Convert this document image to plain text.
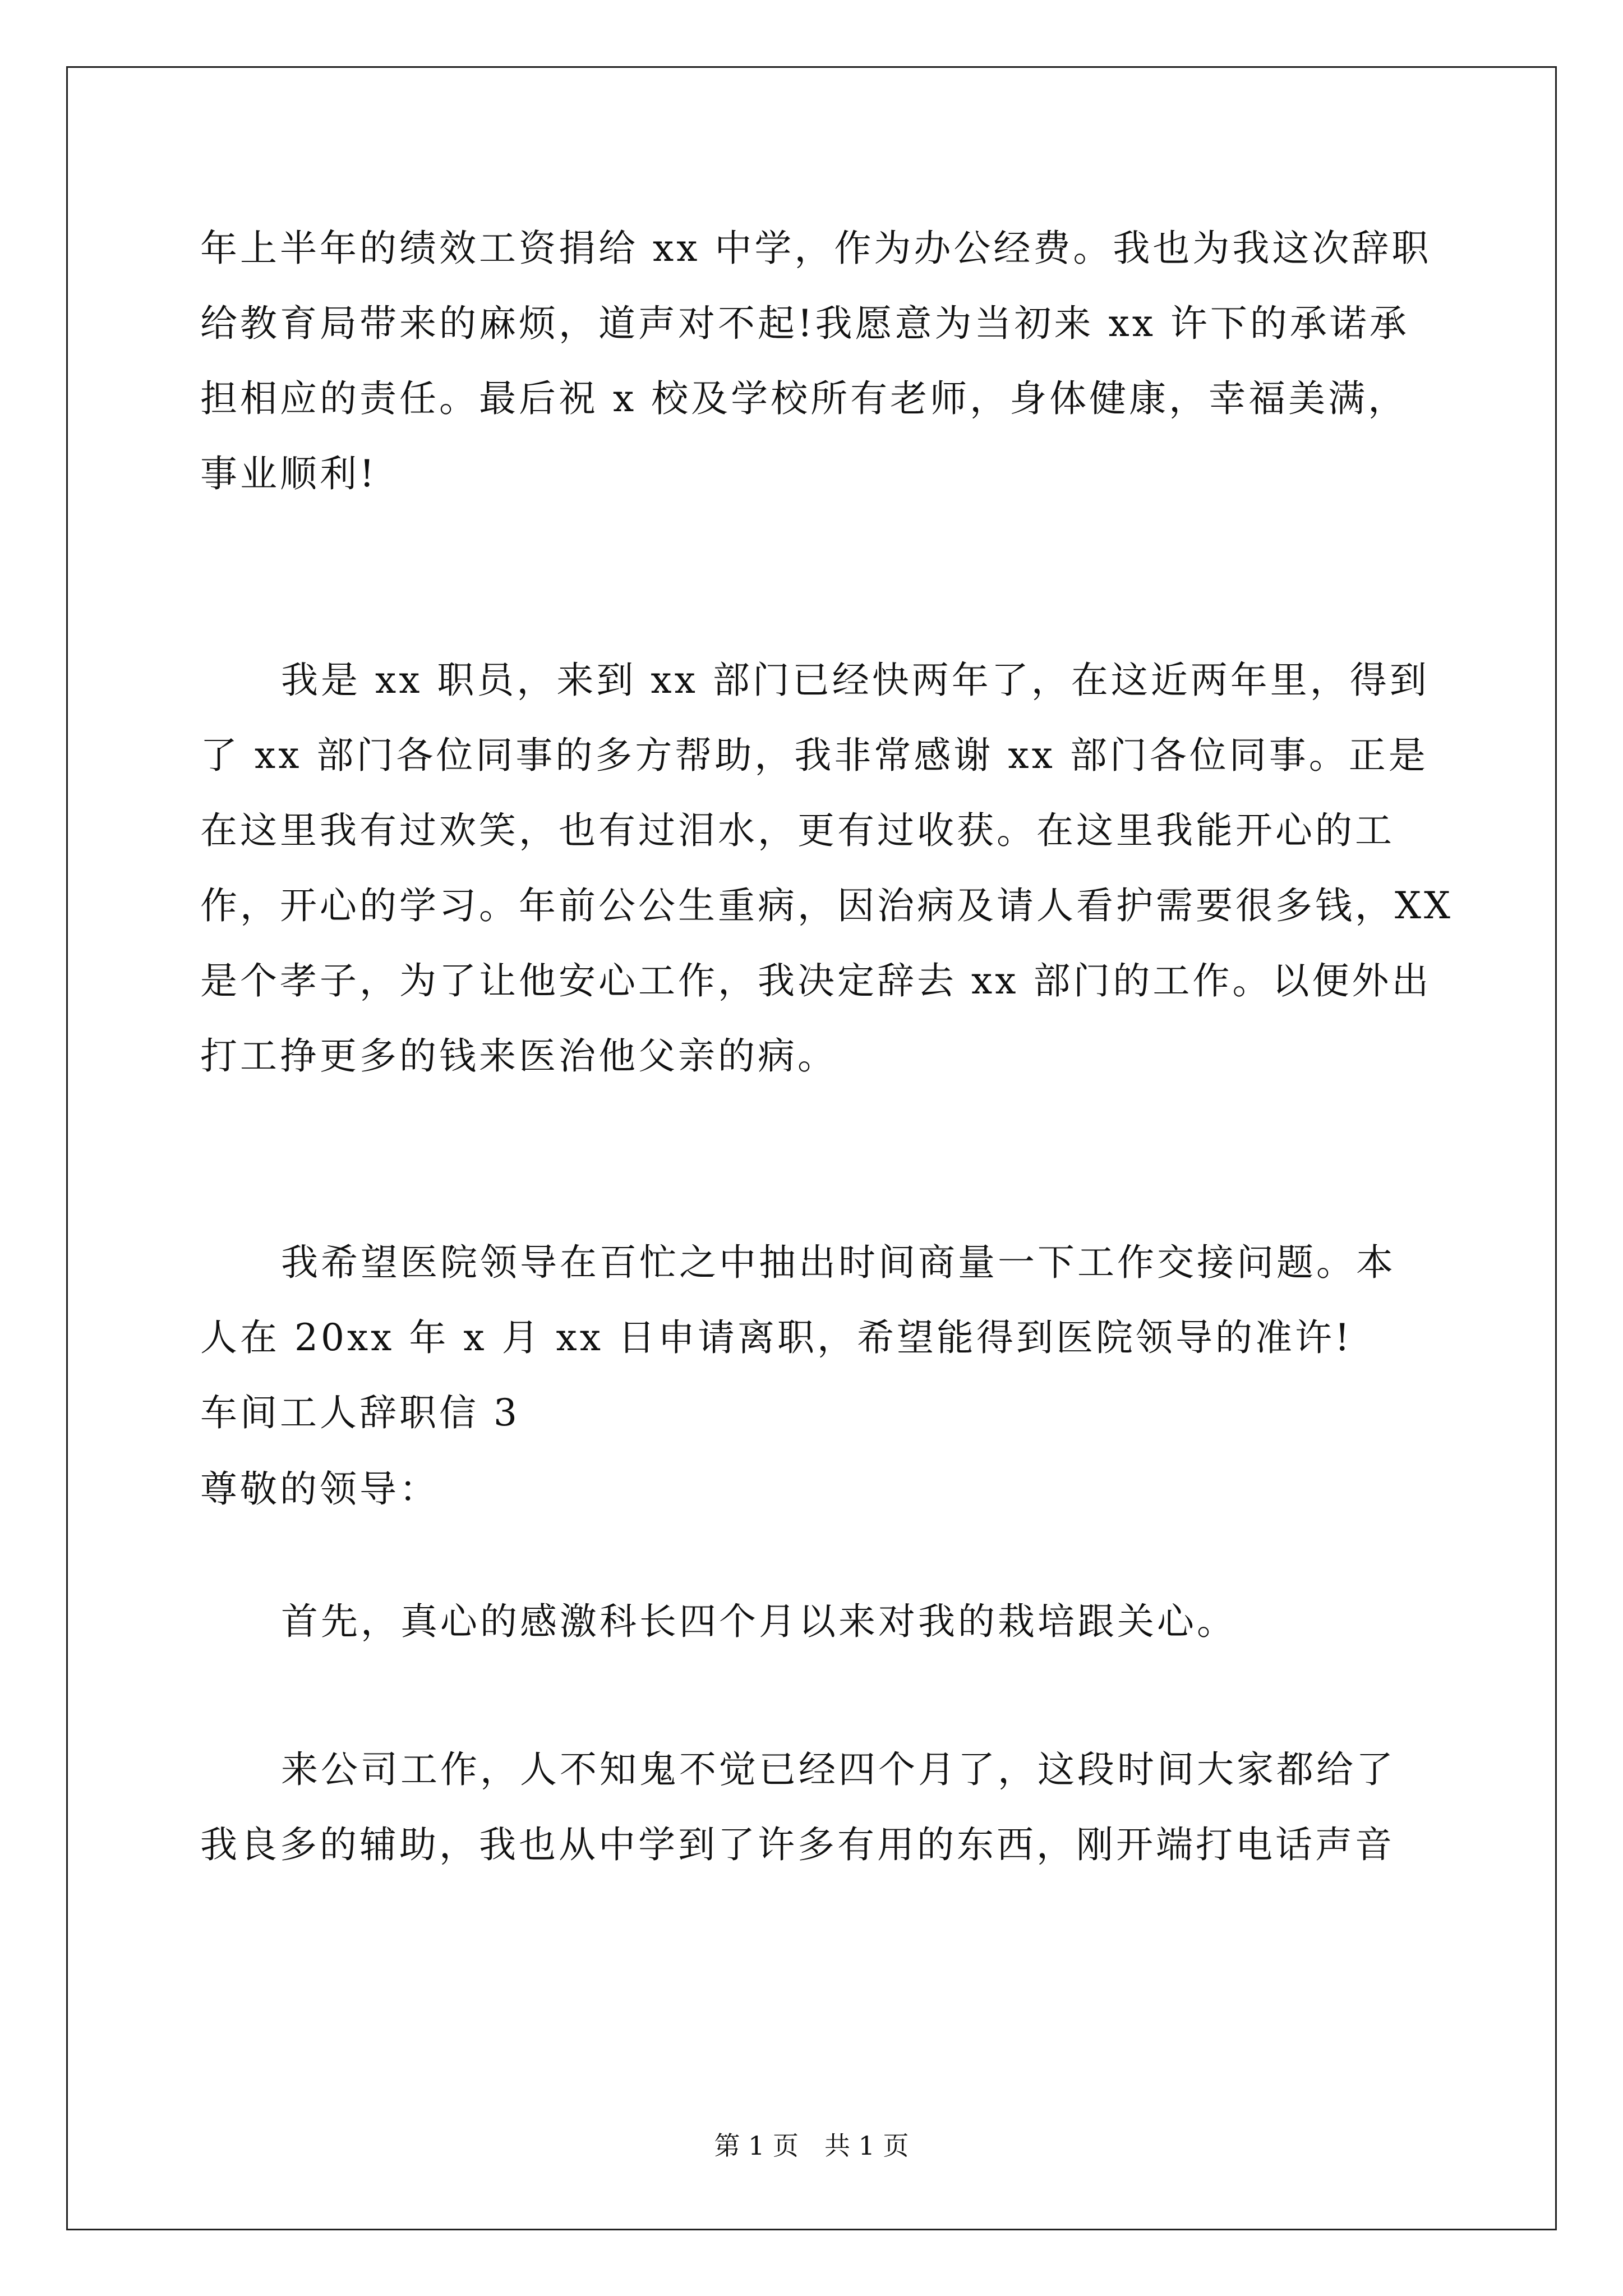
年上半年的绩效工资捐给 xx 中学，作为办公经费。我也为我这次辞职
给教育局带来的麻烦，道声对不起!我愿意为当初来 xx 许下的承诺承
担相应的责任。最后祝 x 校及学校所有老师，身体健康，幸福美满，
事业顺利!
我是 xx 职员，来到 xx 部门已经快两年了，在这近两年里，得到
了 xx 部门各位同事的多方帮助，我非常感谢 xx 部门各位同事。正是
在这里我有过欢笑，也有过泪水，更有过收获。在这里我能开心的工
作，开心的学习。年前公公生重病，因治病及请人看护需要很多钱，XX
是个孝子，为了让他安心工作，我决定辞去 xx 部门的工作。以便外出
打工挣更多的钱来医治他父亲的病。
我希望医院领导在百忙之中抽出时间商量一下工作交接问题。本
人在 20xx 年 x 月 xx 日申请离职，希望能得到医院领导的准许!
车间工人辞职信 3
尊敬的领导：
首先，真心的感激科长四个月以来对我的栽培跟关心。
来公司工作，人不知鬼不觉已经四个月了，这段时间大家都给了
我良多的辅助，我也从中学到了许多有用的东西，刚开端打电话声音
第 1 页　共 1 页
